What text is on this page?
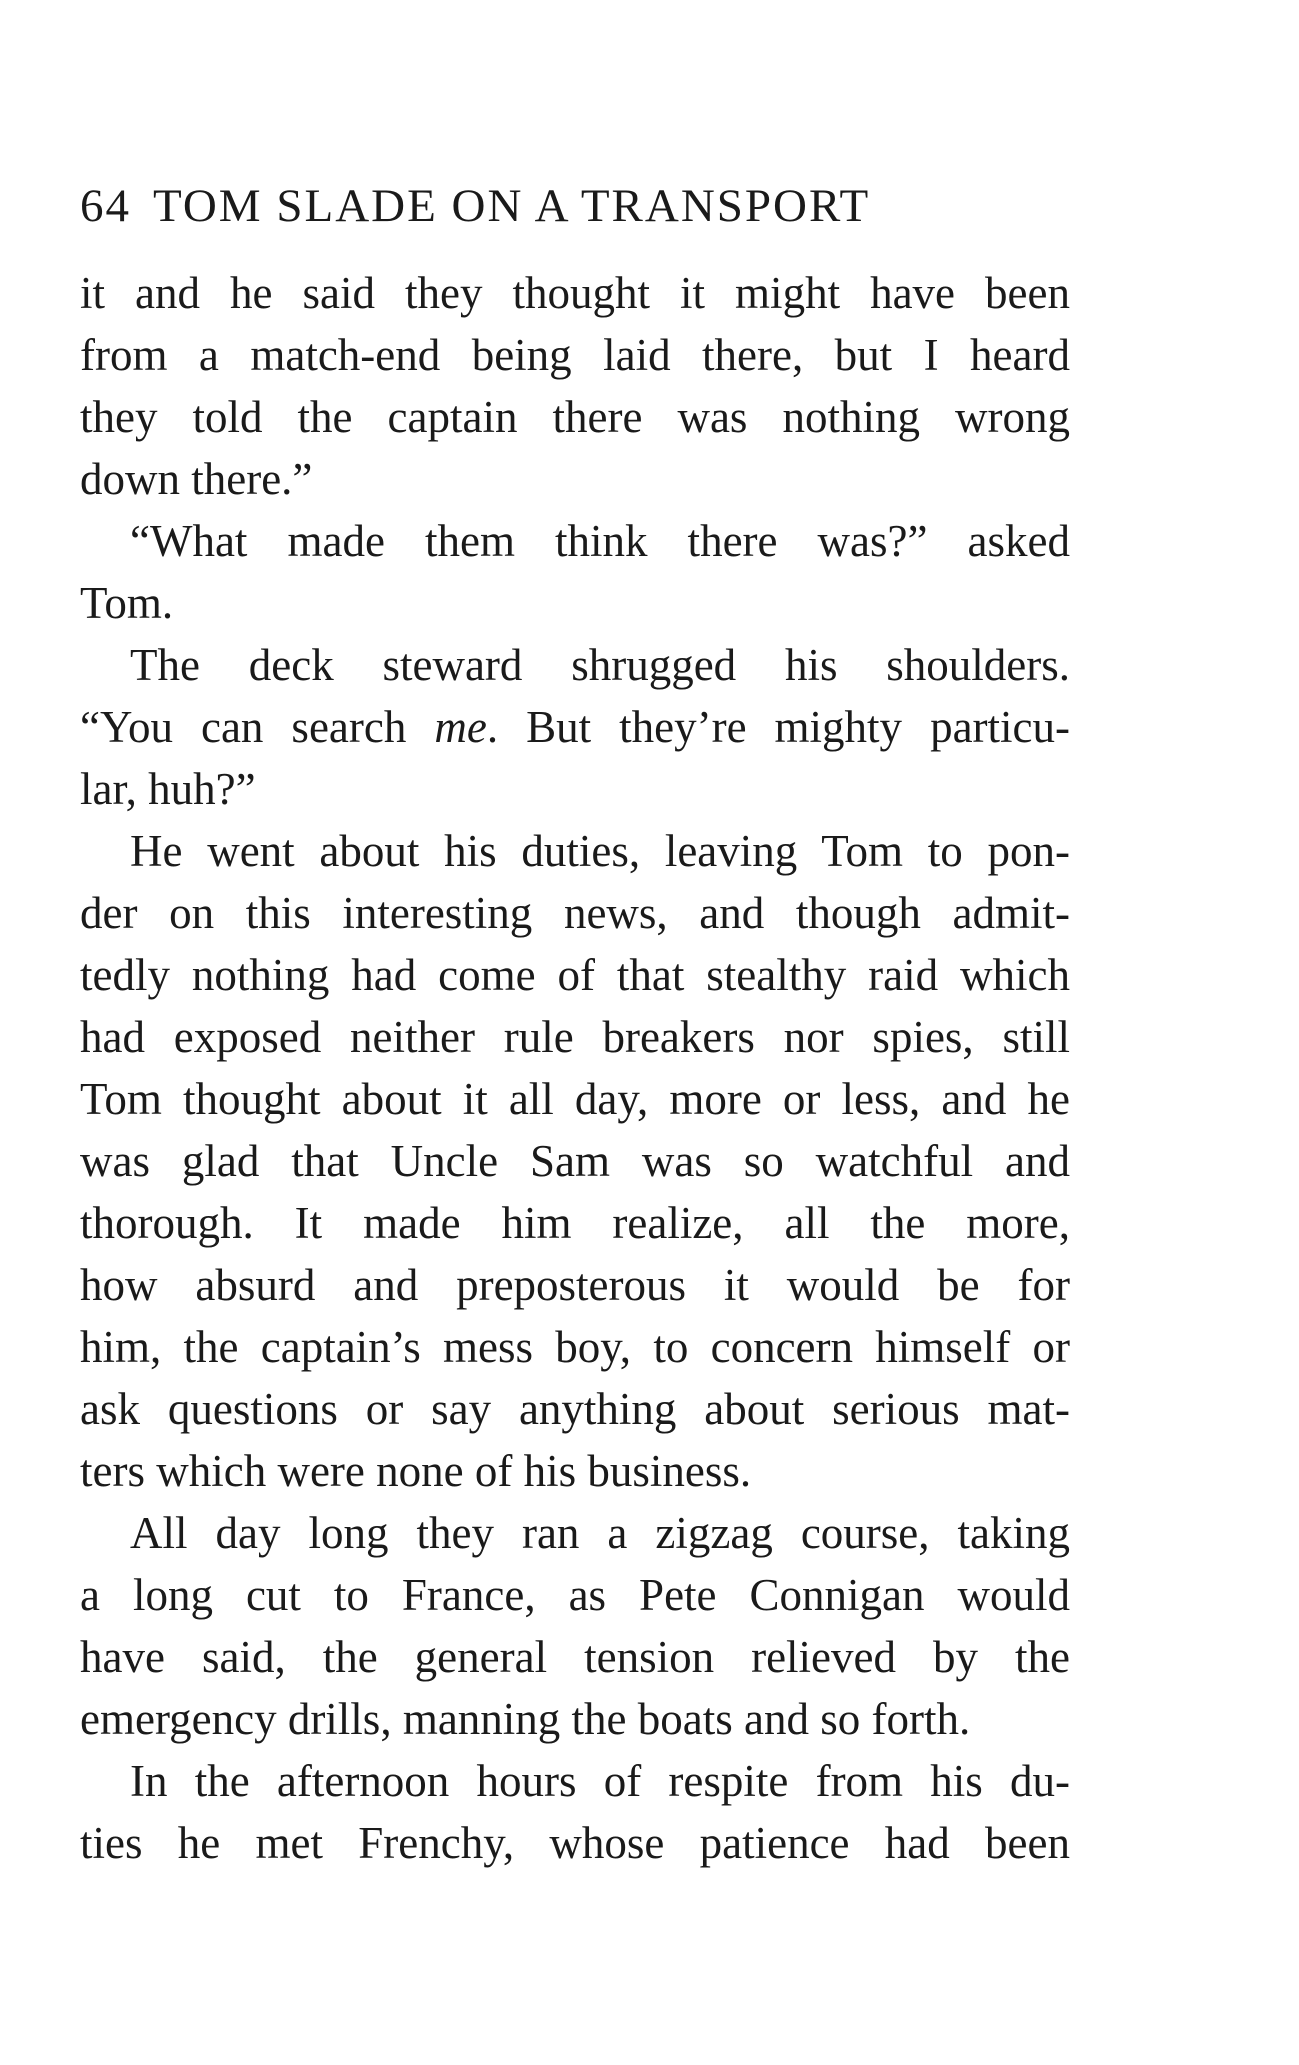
64 TOM SLADE ON A TRANSPORT
it and he said they thought it might have been
from a match-end being laid there, but I heard
they told the captain there was nothing wrong
down there.”
“What made them think there was?” asked
Tom.
The deck steward shrugged his shoulders.
“You can search me. But they’re mighty particu-
lar, huh?”
He went about his duties, leaving Tom to pon-
der on this interesting news, and though admit-
tedly nothing had come of that stealthy raid which
had exposed neither rule breakers nor spies, still
Tom thought about it all day, more or less, and he
was glad that Uncle Sam was so watchful and
thorough. It made him realize, all the more,
how absurd and preposterous it would be for
him, the captain’s mess boy, to concern himself or
ask questions or say anything about serious mat-
ters which were none of his business.
All day long they ran a zigzag course, taking
a long cut to France, as Pete Connigan would
have said, the general tension relieved by the
emergency drills, manning the boats and so forth.
In the afternoon hours of respite from his du-
ties he met Frenchy, whose patience had been
